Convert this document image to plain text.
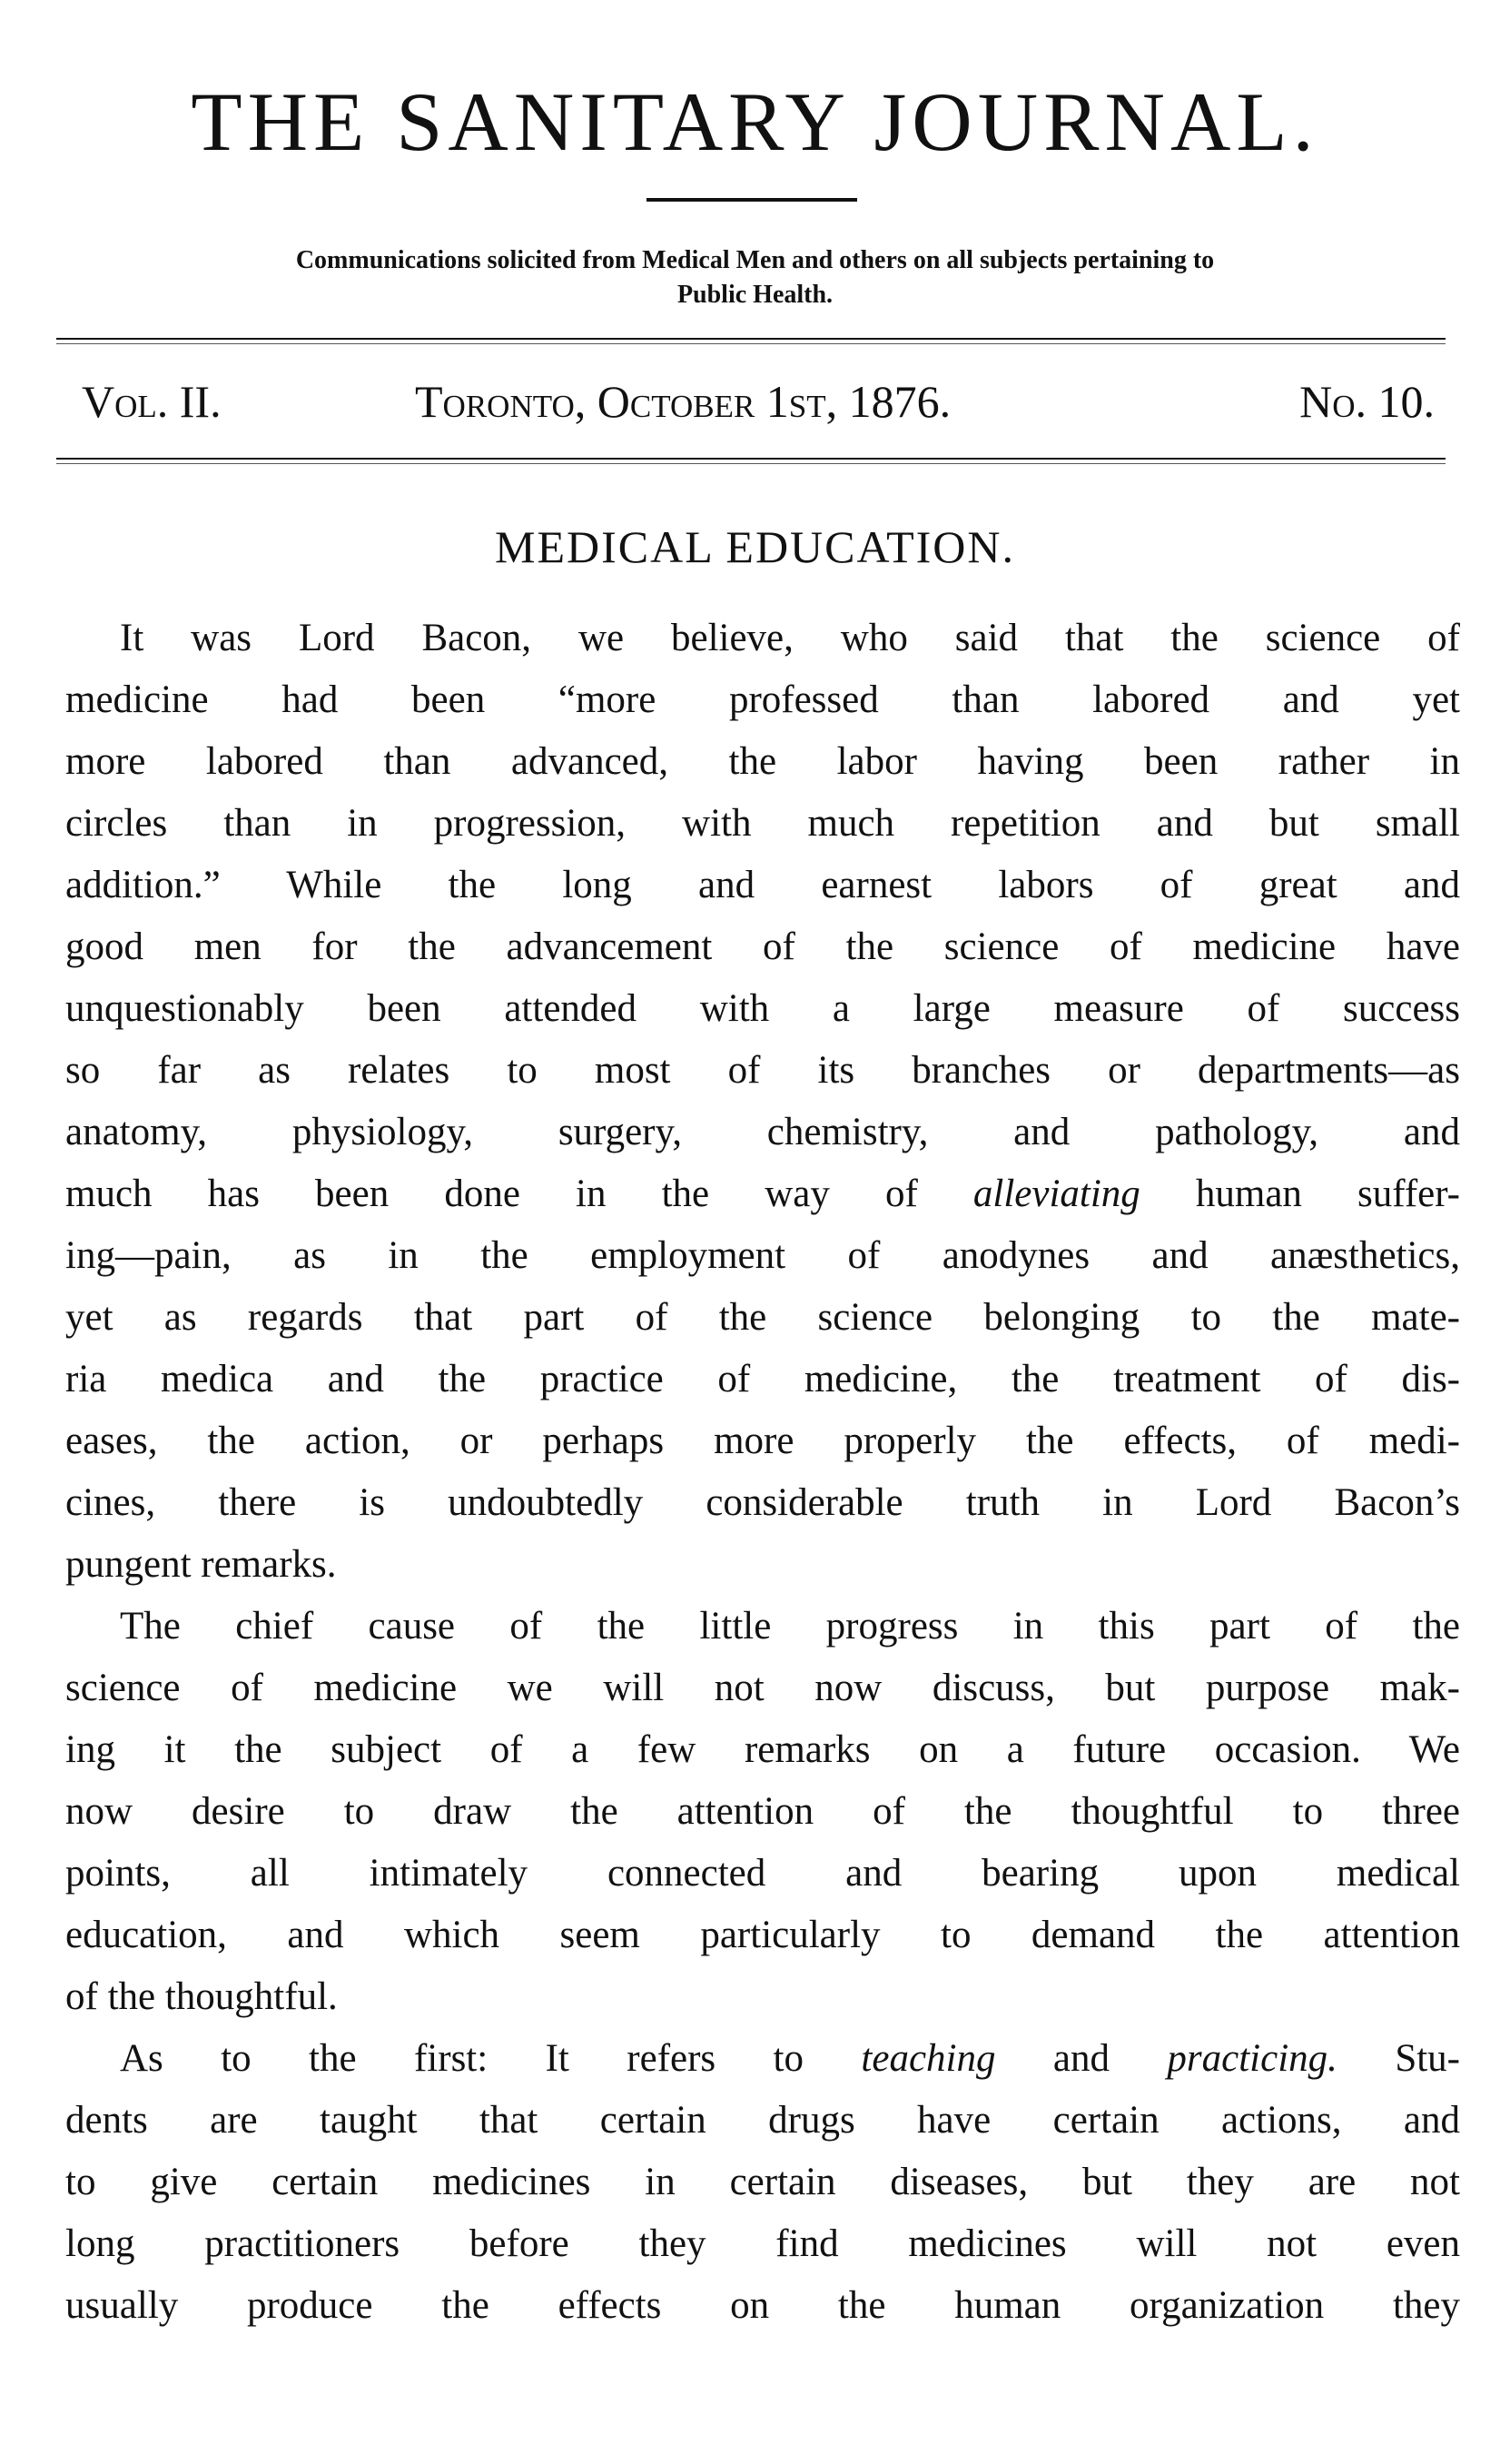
THE SANITARY JOURNAL.
Communications solicited from Medical Men and others on all subjects pertaining to
Public Health.
Vol. II.	Toronto, October 1st, 1876.	No. 10.
MEDICAL EDUCATION.
It was Lord Bacon, we believe, who said that the science of
medicine had been “more professed than labored and yet
more labored than advanced, the labor having been rather in
circles than in progression, with much repetition and but small
addition.” While the long and earnest labors of great and
good men for the advancement of the science of medicine have
unquestionably been attended with a large measure of success
so far as relates to most of its branches or departments—as
anatomy, physiology, surgery, chemistry, and pathology, and
much has been done in the way of alleviating human suffer-
ing—pain, as in the employment of anodynes and anæsthetics,
yet as regards that part of the science belonging to the mate-
ria medica and the practice of medicine, the treatment of dis-
eases, the action, or perhaps more properly the effects, of medi-
cines, there is undoubtedly considerable truth in Lord Bacon’s
pungent remarks.
The chief cause of the little progress in this part of the
science of medicine we will not now discuss, but purpose mak-
ing it the subject of a few remarks on a future occasion. We
now desire to draw the attention of the thoughtful to three
points, all intimately connected and bearing upon medical
education, and which seem particularly to demand the attention
of the thoughtful.
As to the first: It refers to teaching and practicing. Stu-
dents are taught that certain drugs have certain actions, and
to give certain medicines in certain diseases, but they are not
long practitioners before they find medicines will not even
usually produce the effects on the human organization they
